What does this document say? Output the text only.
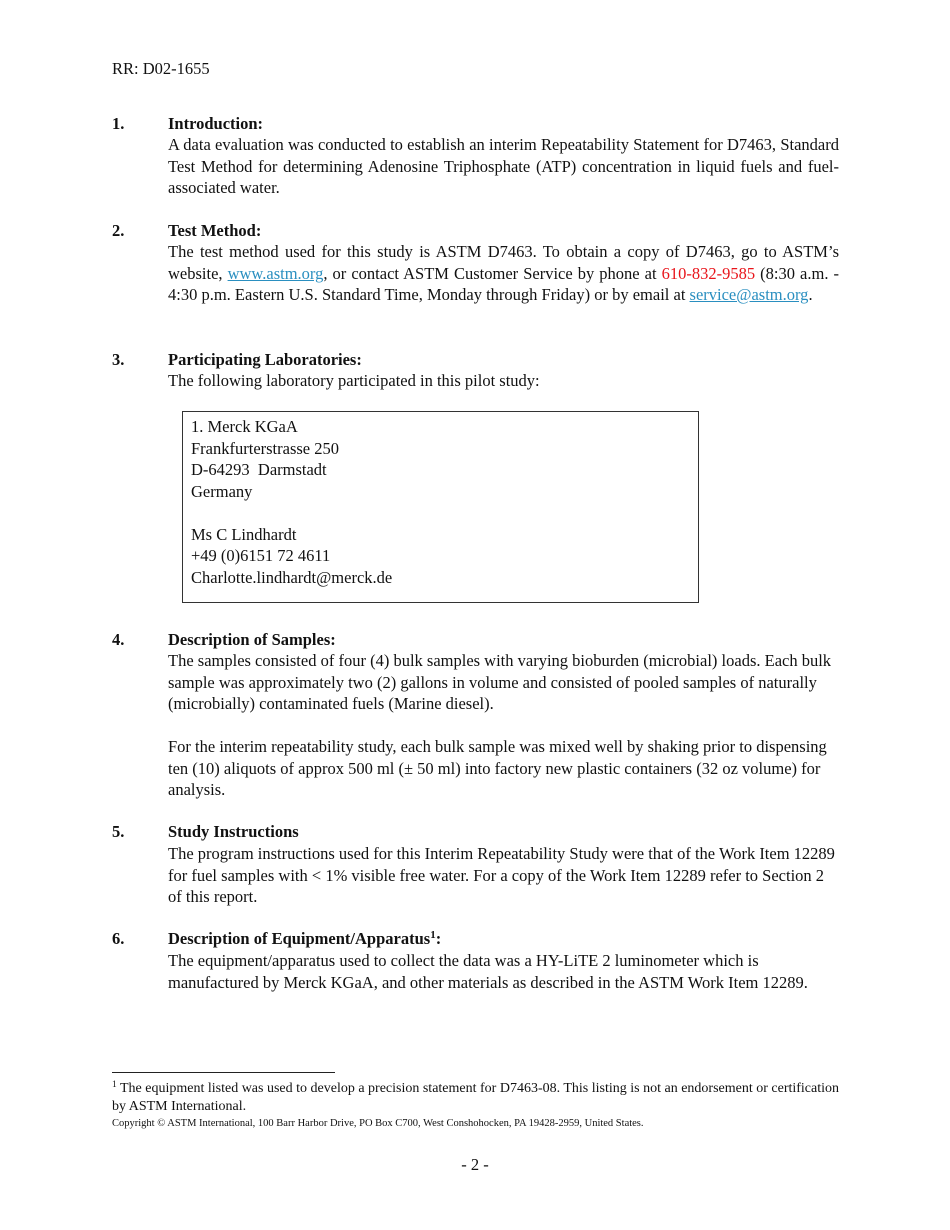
RR: D02-1655
1.	Introduction:
A data evaluation was conducted to establish an interim Repeatability Statement for D7463, Standard Test Method for determining Adenosine Triphosphate (ATP) concentration in liquid fuels and fuel-associated water.
2.	Test Method:
The test method used for this study is ASTM D7463. To obtain a copy of D7463, go to ASTM’s website, www.astm.org, or contact ASTM Customer Service by phone at 610-832-9585 (8:30 a.m. - 4:30 p.m. Eastern U.S. Standard Time, Monday through Friday) or by email at service@astm.org.
3.	Participating Laboratories:
The following laboratory participated in this pilot study:
1. Merck KGaA
Frankfurterstrasse 250
D-64293  Darmstadt
Germany
Ms C Lindhardt
+49 (0)6151 72 4611
Charlotte.lindhardt@merck.de
4.	Description of Samples:
The samples consisted of four (4) bulk samples with varying bioburden (microbial) loads. Each bulk sample was approximately two (2) gallons in volume and consisted of pooled samples of naturally (microbially) contaminated fuels (Marine diesel).
For the interim repeatability study, each bulk sample was mixed well by shaking prior to dispensing ten (10) aliquots of approx 500 ml (± 50 ml) into factory new plastic containers (32 oz volume) for analysis.
5.	Study Instructions
The program instructions used for this Interim Repeatability Study were that of the Work Item 12289 for fuel samples with < 1% visible free water. For a copy of the Work Item 12289 refer to Section 2 of this report.
6.	Description of Equipment/Apparatus$^1$:
The equipment/apparatus used to collect the data was a HY-LiTE 2 luminometer which is manufactured by Merck KGaA, and other materials as described in the ASTM Work Item 12289.
$^1$ The equipment listed was used to develop a precision statement for D7463-08. This listing is not an endorsement or certification by ASTM International.
Copyright © ASTM International, 100 Barr Harbor Drive, PO Box C700, West Conshohocken, PA 19428-2959, United States.
- 2 -
